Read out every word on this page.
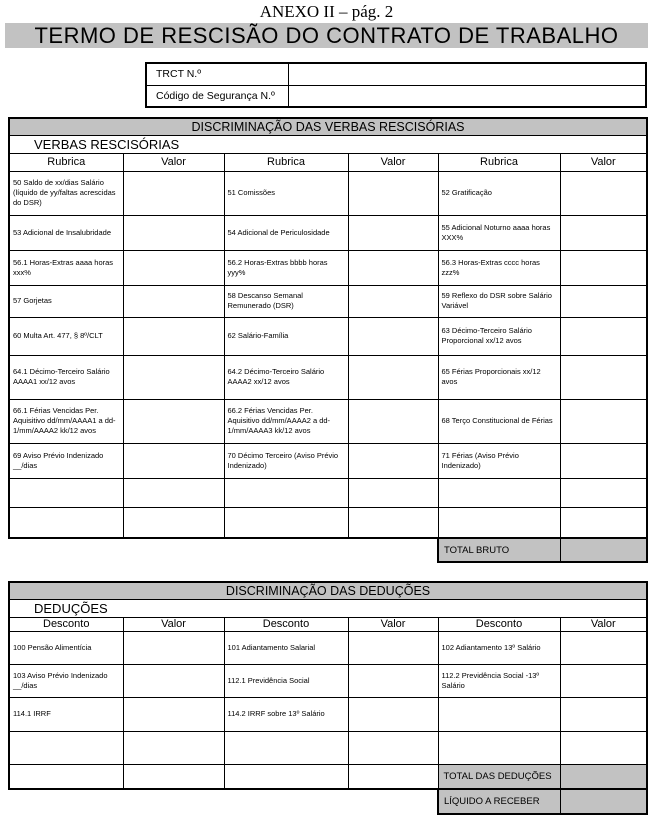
ANEXO II – pág. 2
TERMO DE RESCISÃO DO CONTRATO DE TRABALHO
TRCT N.º	
Código de Segurança N.º	
DISCRIMINAÇÃO DAS VERBAS RESCISÓRIAS					
VERBAS RESCISÓRIAS					
Rubrica	Valor	Rubrica	Valor	Rubrica	Valor
50 Saldo de xx/dias Salário (líquido de yy/faltas acrescidas do DSR)		51 Comissões		52 Gratificação	
53 Adicional de Insalubridade		54 Adicional de Periculosidade		55 Adicional Noturno aaaa horas XXX%	
56.1 Horas-Extras aaaa horas xxx%		56.2 Horas-Extras bbbb horas yyy%		56.3 Horas-Extras cccc horas zzz%	
57 Gorjetas		58 Descanso Semanal Remunerado (DSR)		59 Reflexo do DSR sobre Salário Variável	
60 Multa Art. 477, § 8º/CLT		62 Salário-Família		63 Décimo-Terceiro Salário Proporcional xx/12 avos	
64.1 Décimo-Terceiro Salário AAAA1 xx/12 avos		64.2 Décimo-Terceiro Salário AAAA2 xx/12 avos		65 Férias Proporcionais xx/12 avos	
66.1 Férias Vencidas Per. Aquisitivo dd/mm/AAAA1 a dd-1/mm/AAAA2 kk/12 avos		66.2 Férias Vencidas Per. Aquisitivo dd/mm/AAAA2 a dd-1/mm/AAAA3 kk/12 avos		68 Terço Constitucional de Férias	
69 Aviso Prévio Indenizado __/dias		70 Décimo Terceiro (Aviso Prévio Indenizado)		71 Férias (Aviso Prévio Indenizado)	

TOTAL BRUTO	
DISCRIMINAÇÃO DAS DEDUÇÕES					
DEDUÇÕES					
Desconto	Valor	Desconto	Valor	Desconto	Valor
100 Pensão Alimentícia		101 Adiantamento Salarial		102 Adiantamento 13º Salário	
103 Aviso Prévio Indenizado __/dias		112.1 Previdência Social		112.2 Previdência Social -13º Salário	
114.1 IRRF		114.2 IRRF sobre 13º Salário			

				TOTAL DAS DEDUÇÕES	
LÍQUIDO A RECEBER	
